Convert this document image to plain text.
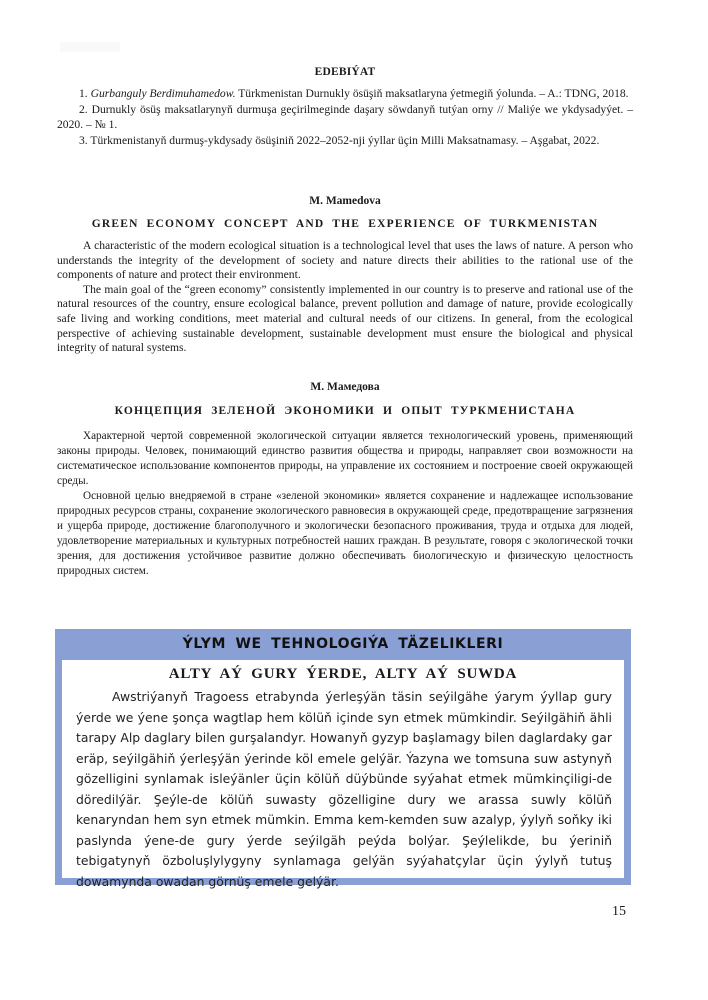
EDEBIÝAT

1. Gurbanguly Berdimuhamedow. Türkmenistan Durnukly ösüşiň maksatlaryna ýetmegiň ýolunda. – A.: TDNG, 2018.

2. Durnukly ösüş maksatlarynyň durmuşa geçirilmeginde daşary söwdanyň tutýan orny // Maliýe we ykdysadyýet. – 2020. – № 1.

3. Türkmenistanyň durmuş-ykdysady ösüşiniň 2022–2052-nji ýyllar üçin Milli Maksatnamasy. – Aşgabat, 2022.

M. Mamedova
GREEN ECONOMY CONCEPT AND THE EXPERIENCE OF TURKMENISTAN

A characteristic of the modern ecological situation is a technological level that uses the laws of nature. A person who understands the integrity of the development of society and nature directs their abilities to the rational use of the components of nature and protect their environment.

The main goal of the “green economy” consistently implemented in our country is to preserve and rational use of the natural resources of the country, ensure ecological balance, prevent pollution and damage of nature, provide ecologically safe living and working conditions, meet material and cultural needs of our citizens. In general, from the ecological perspective of achieving sustainable development, sustainable development must ensure the biological and physical integrity of natural systems.

М. Мамедова
КОНЦЕПЦИЯ ЗЕЛЕНОЙ ЭКОНОМИКИ И ОПЫТ ТУРКМЕНИСТАНА

Характерной чертой современной экологической ситуации является технологический уровень, применяющий законы природы. Человек, понимающий единство развития общества и природы, направляет свои возможности на систематическое использование компонентов природы, на управление их состоянием и построение своей окружающей среды.

Основной целью внедряемой в стране «зеленой экономики» является сохранение и надлежащее использование природных ресурсов страны, сохранение экологического равновесия в окружающей среде, предотвращение загрязнения и ущерба природе, достижение благополучного и экологически безопасного проживания, труда и отдыха для людей, удовлетворение материальных и культурных потребностей наших граждан. В результате, говоря с экологической точки зрения, для достижения устойчивое развитие должно обеспечивать биологическую и физическую целостность природных систем.

ÝLYM WE TEHNOLOGIÝA TÄZELIKLERI
ALTY AÝ GURY ÝERDE, ALTY AÝ SUWDA

Awstriýanyň Tragoess etrabynda ýerleşýän täsin seýilgähe ýarym ýyllap gury ýerde we ýene şonça wagtlap hem kölüň içinde syn etmek mümkindir. Seýilgähiň ähli tarapy Alp daglary bilen gurşalandyr. Howanyň gyzyp başlamagy bilen daglardaky gar eräp, seýilgähiň ýerleşýän ýerinde köl emele gelýär. Ýazyna we tomsuna suw astynyň gözelligini synlamak isleýänler üçin kölüň düýbünde syýahat etmek mümkinçiligi-de döredilýär. Şeýle-de kölüň suwasty gözelligine dury we arassa suwly kölüň kenaryndan hem syn etmek mümkin. Emma kem-kemden suw azalyp, ýylyň soňky iki paslynda ýene-de gury ýerde seýilgäh peýda bolýar. Şeýlelikde, bu ýeriniň tebigatynyň özboluşlylygyny synlamaga gelýän syýahatçylar üçin ýylyň tutuş dowamynda owadan görnüş emele gelýär.

15
